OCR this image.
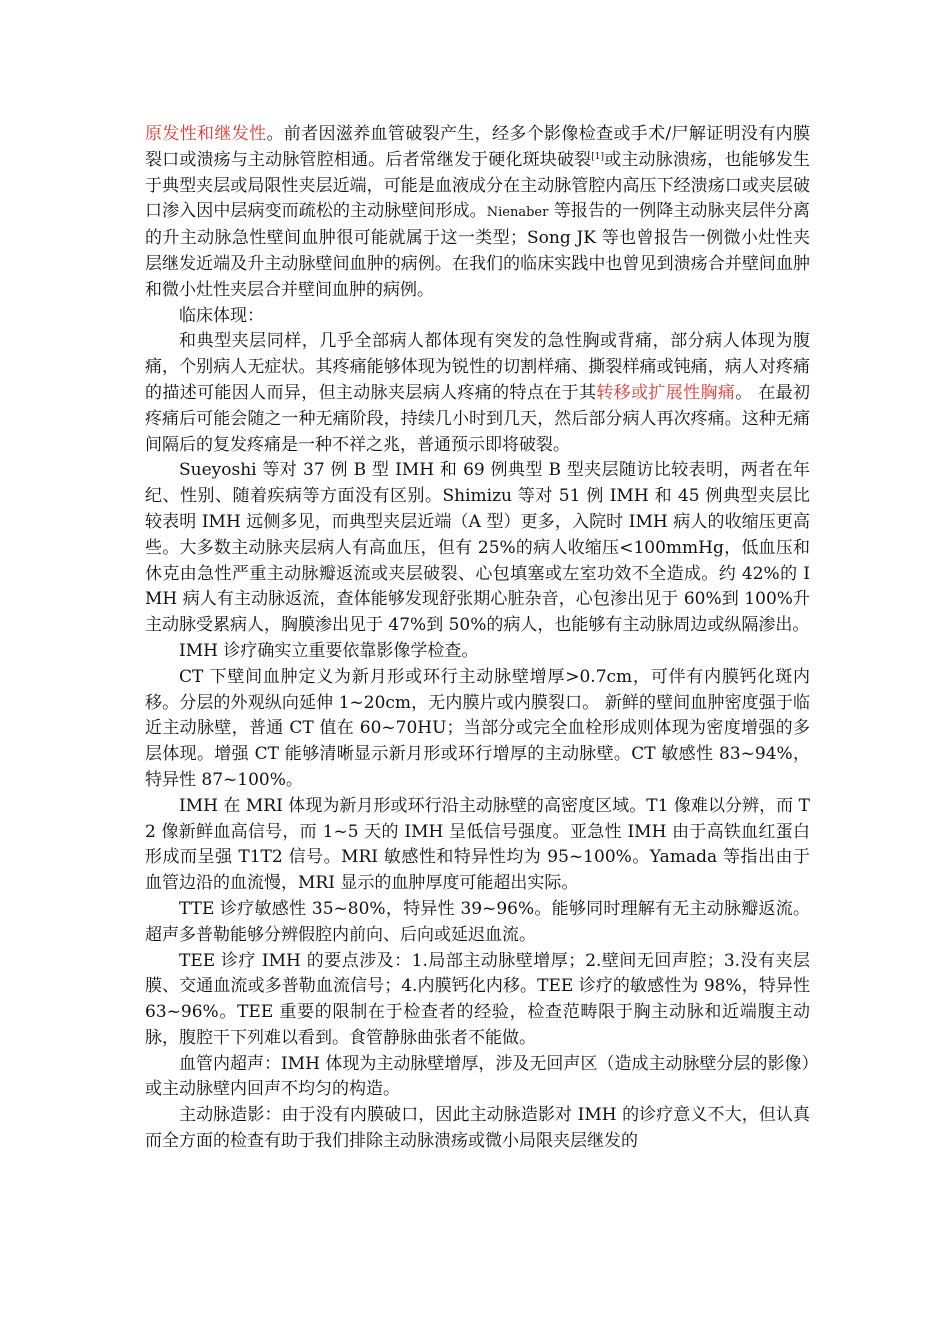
原发性和继发性。前者因滋养血管破裂产生，经多个影像检查或手术/尸解证明没有内膜裂口或溃疡与主动脉管腔相通。后者常继发于硬化斑块破裂[1]或主动脉溃疡，也能够发生于典型夹层或局限性夹层近端，可能是血液成分在主动脉管腔内高压下经溃疡口或夹层破口渗入因中层病变而疏松的主动脉壁间形成。Nienaber 等报告的一例降主动脉夹层伴分离的升主动脉急性壁间血肿很可能就属于这一类型；Song JK 等也曾报告一例微小灶性夹层继发近端及升主动脉壁间血肿的病例。在我们的临床实践中也曾见到溃疡合并壁间血肿和微小灶性夹层合并壁间血肿的病例。

临床体现：

和典型夹层同样，几乎全部病人都体现有突发的急性胸或背痛，部分病人体现为腹痛，个别病人无症状。其疼痛能够体现为锐性的切割样痛、撕裂样痛或钝痛，病人对疼痛的描述可能因人而异，但主动脉夹层病人疼痛的特点在于其转移或扩展性胸痛。 在最初疼痛后可能会随之一种无痛阶段，持续几小时到几天，然后部分病人再次疼痛。这种无痛间隔后的复发疼痛是一种不祥之兆，普通预示即将破裂。

Sueyoshi 等对 37 例 B 型 IMH 和 69 例典型 B 型夹层随访比较表明，两者在年纪、性别、随着疾病等方面没有区别。Shimizu 等对 51 例 IMH 和 45 例典型夹层比较表明 IMH 远侧多见，而典型夹层近端（A 型）更多，入院时 IMH 病人的收缩压更高些。大多数主动脉夹层病人有高血压，但有 25%的病人收缩压<100mmHg，低血压和休克由急性严重主动脉瓣返流或夹层破裂、心包填塞或左室功效不全造成。约 42%的 IMH 病人有主动脉返流，查体能够发现舒张期心脏杂音，心包渗出见于 60%到 100%升主动脉受累病人，胸膜渗出见于 47%到 50%的病人，也能够有主动脉周边或纵隔渗出。

IMH 诊疗确实立重要依靠影像学检查。

CT 下壁间血肿定义为新月形或环行主动脉壁增厚>0.7cm，可伴有内膜钙化斑内移。分层的外观纵向延伸 1~20cm，无内膜片或内膜裂口。 新鲜的壁间血肿密度强于临近主动脉壁，普通 CT 值在 60~70HU；当部分或完全血栓形成则体现为密度增强的多层体现。增强 CT 能够清晰显示新月形或环行增厚的主动脉壁。CT 敏感性 83~94%，特异性 87~100%。

IMH 在 MRI 体现为新月形或环行沿主动脉壁的高密度区域。T1 像难以分辨，而 T2 像新鲜血高信号，而 1~5 天的 IMH 呈低信号强度。亚急性 IMH 由于高铁血红蛋白形成而呈强 T1T2 信号。MRI 敏感性和特异性均为 95~100%。Yamada 等指出由于血管边沿的血流慢，MRI 显示的血肿厚度可能超出实际。

TTE 诊疗敏感性 35~80%，特异性 39~96%。能够同时理解有无主动脉瓣返流。超声多普勒能够分辨假腔内前向、后向或延迟血流。

TEE 诊疗 IMH 的要点涉及：1.局部主动脉壁增厚；2.壁间无回声腔；3.没有夹层膜、交通血流或多普勒血流信号；4.内膜钙化内移。TEE 诊疗的敏感性为 98%，特异性 63~96%。TEE 重要的限制在于检查者的经验，检查范畴限于胸主动脉和近端腹主动脉，腹腔干下列难以看到。食管静脉曲张者不能做。

血管内超声：IMH 体现为主动脉壁增厚，涉及无回声区（造成主动脉壁分层的影像）或主动脉壁内回声不均匀的构造。

主动脉造影：由于没有内膜破口，因此主动脉造影对 IMH 的诊疗意义不大，但认真而全方面的检查有助于我们排除主动脉溃疡或微小局限夹层继发的
